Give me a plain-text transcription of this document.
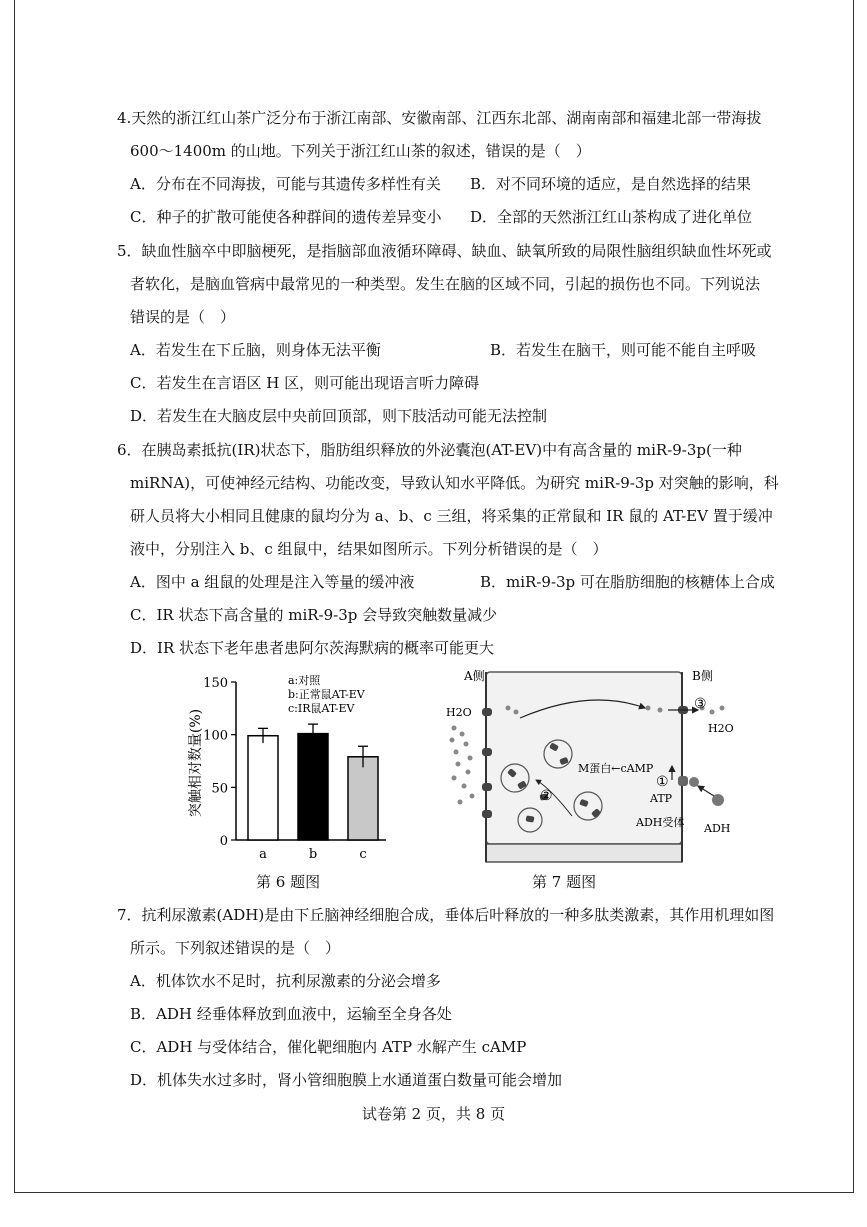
4.天然的浙江红山茶广泛分布于浙江南部、安徽南部、江西东北部、湖南南部和福建北部一带海拔
600～1400m 的山地。下列关于浙江红山茶的叙述，错误的是（　）
A．分布在不同海拔，可能与其遗传多样性有关 B．对不同环境的适应，是自然选择的结果
C．种子的扩散可能使各种群间的遗传差异变小 D．全部的天然浙江红山茶构成了进化单位
5．缺血性脑卒中即脑梗死，是指脑部血液循环障碍、缺血、缺氧所致的局限性脑组织缺血性坏死或
者软化，是脑血管病中最常见的一种类型。发生在脑的区域不同，引起的损伤也不同。下列说法
错误的是（　）
A．若发生在下丘脑，则身体无法平衡	B．若发生在脑干，则可能不能自主呼吸
C．若发生在言语区 H 区，则可能出现语言听力障碍
D．若发生在大脑皮层中央前回顶部，则下肢活动可能无法控制
6．在胰岛素抵抗(IR)状态下，脂肪组织释放的外泌囊泡(AT-EV)中有高含量的 miR-9-3p(一种
miRNA)，可使神经元结构、功能改变，导致认知水平降低。为研究 miR-9-3p 对突触的影响，科
研人员将大小相同且健康的鼠均分为 a、b、c 三组，将采集的正常鼠和 IR 鼠的 AT-EV 置于缓冲
液中，分别注入 b、c 组鼠中，结果如图所示。下列分析错误的是（　）
A．图中 a 组鼠的处理是注入等量的缓冲液	B．miR-9-3p 可在脂肪细胞的核糖体上合成
C．IR 状态下高含量的 miR-9-3p 会导致突触数量减少
D．IR 状态下老年患者患阿尔茨海默病的概率可能更大
0
50
100
150
a	b	c
突触相对数量(%)
a:对照
b:正常鼠AT-EV
c:IR鼠AT-EV
第 6 题图
A侧	B侧
H2O
H2O
M蛋白←cAMP
ATP
ADH受体 ADH
①
②
③
第 7 题图
7．抗利尿激素(ADH)是由下丘脑神经细胞合成，垂体后叶释放的一种多肽类激素，其作用机理如图
所示。下列叙述错误的是（　）
A．机体饮水不足时，抗利尿激素的分泌会增多
B．ADH 经垂体释放到血液中，运输至全身各处
C．ADH 与受体结合，催化靶细胞内 ATP 水解产生 cAMP
D．机体失水过多时，肾小管细胞膜上水通道蛋白数量可能会增加
试卷第 2 页，共 8 页
